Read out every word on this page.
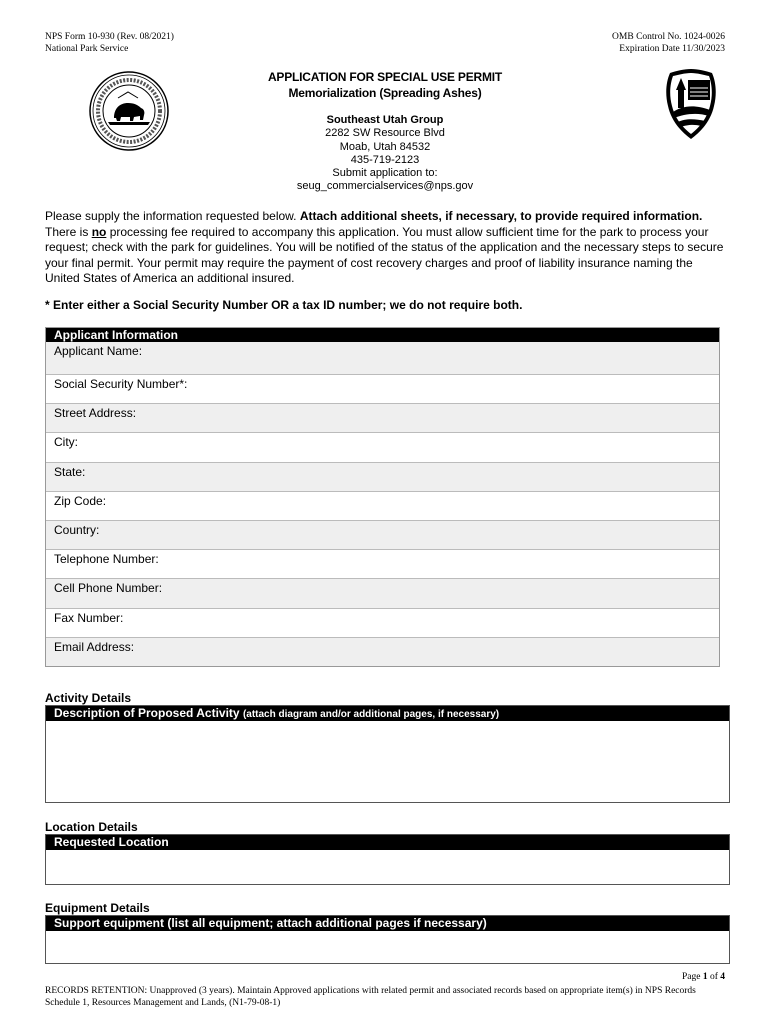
NPS Form 10-930 (Rev. 08/2021)
National Park Service
OMB Control No. 1024-0026
Expiration Date 11/30/2023
APPLICATION FOR SPECIAL USE PERMIT
Memorialization (Spreading Ashes)
Southeast Utah Group
2282 SW Resource Blvd
Moab, Utah 84532
435-719-2123
Submit application to:
seug_commercialservices@nps.gov
Please supply the information requested below. Attach additional sheets, if necessary, to provide required information. There is no processing fee required to accompany this application. You must allow sufficient time for the park to process your request; check with the park for guidelines. You will be notified of the status of the application and the necessary steps to secure your final permit. Your permit may require the payment of cost recovery charges and proof of liability insurance naming the United States of America an additional insured.
* Enter either a Social Security Number OR a tax ID number; we do not require both.
Applicant Information
Applicant Name:
Social Security Number*:
Street Address:
City:
State:
Zip Code:
Country:
Telephone Number:
Cell Phone Number:
Fax Number:
Email Address:
Activity Details
Description of Proposed Activity (attach diagram and/or additional pages, if necessary)
Location Details
Requested Location
Equipment Details
Support equipment (list all equipment; attach additional pages if necessary)
Page 1 of 4
RECORDS RETENTION: Unapproved (3 years). Maintain Approved applications with related permit and associated records based on appropriate item(s) in NPS Records Schedule 1, Resources Management and Lands, (N1-79-08-1)
